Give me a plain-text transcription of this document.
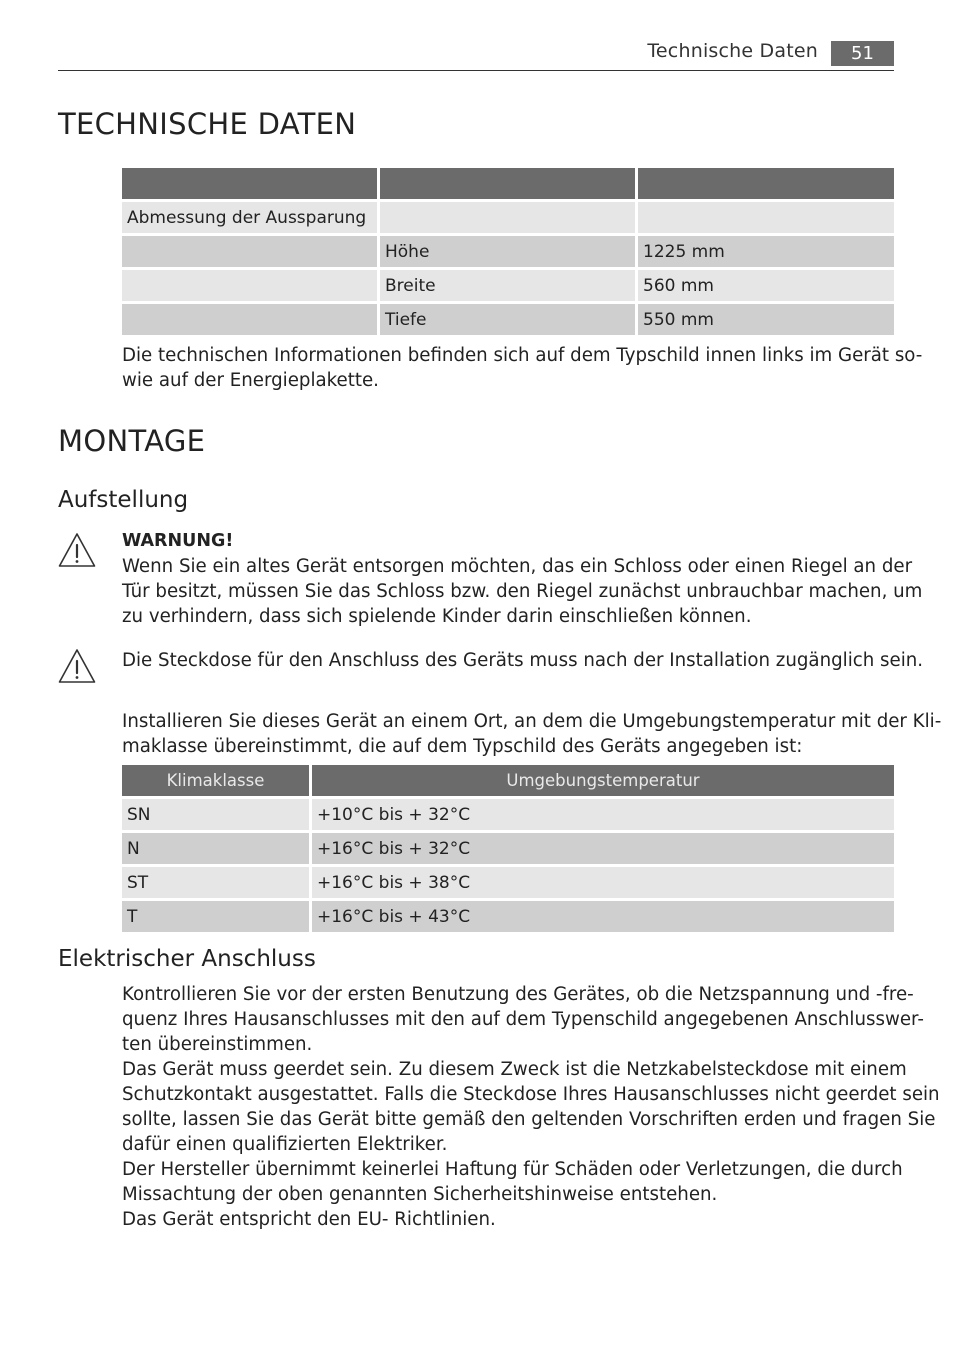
Technische Daten	51
TECHNISCHE DATEN

Abmessung der Aussparung		
	Höhe	1225 mm
	Breite	560 mm
	Tiefe	550 mm
Die technischen Informationen befinden sich auf dem Typschild innen links im Gerät so-
wie auf der Energieplakette.
MONTAGE
Aufstellung
WARNUNG!
Wenn Sie ein altes Gerät entsorgen möchten, das ein Schloss oder einen Riegel an der
Tür besitzt, müssen Sie das Schloss bzw. den Riegel zunächst unbrauchbar machen, um
zu verhindern, dass sich spielende Kinder darin einschließen können.
Die Steckdose für den Anschluss des Geräts muss nach der Installation zugänglich sein.
Installieren Sie dieses Gerät an einem Ort, an dem die Umgebungstemperatur mit der Kli-
maklasse übereinstimmt, die auf dem Typschild des Geräts angegeben ist:
Klimaklasse	Umgebungstemperatur
SN	+10°C bis + 32°C
N	+16°C bis + 32°C
ST	+16°C bis + 38°C
T	+16°C bis + 43°C
Elektrischer Anschluss
Kontrollieren Sie vor der ersten Benutzung des Gerätes, ob die Netzspannung und -fre-
quenz Ihres Hausanschlusses mit den auf dem Typenschild angegebenen Anschlusswer-
ten übereinstimmen.
Das Gerät muss geerdet sein. Zu diesem Zweck ist die Netzkabelsteckdose mit einem
Schutzkontakt ausgestattet. Falls die Steckdose Ihres Hausanschlusses nicht geerdet sein
sollte, lassen Sie das Gerät bitte gemäß den geltenden Vorschriften erden und fragen Sie
dafür einen qualifizierten Elektriker.
Der Hersteller übernimmt keinerlei Haftung für Schäden oder Verletzungen, die durch
Missachtung der oben genannten Sicherheitshinweise entstehen.
Das Gerät entspricht den EU- Richtlinien.
